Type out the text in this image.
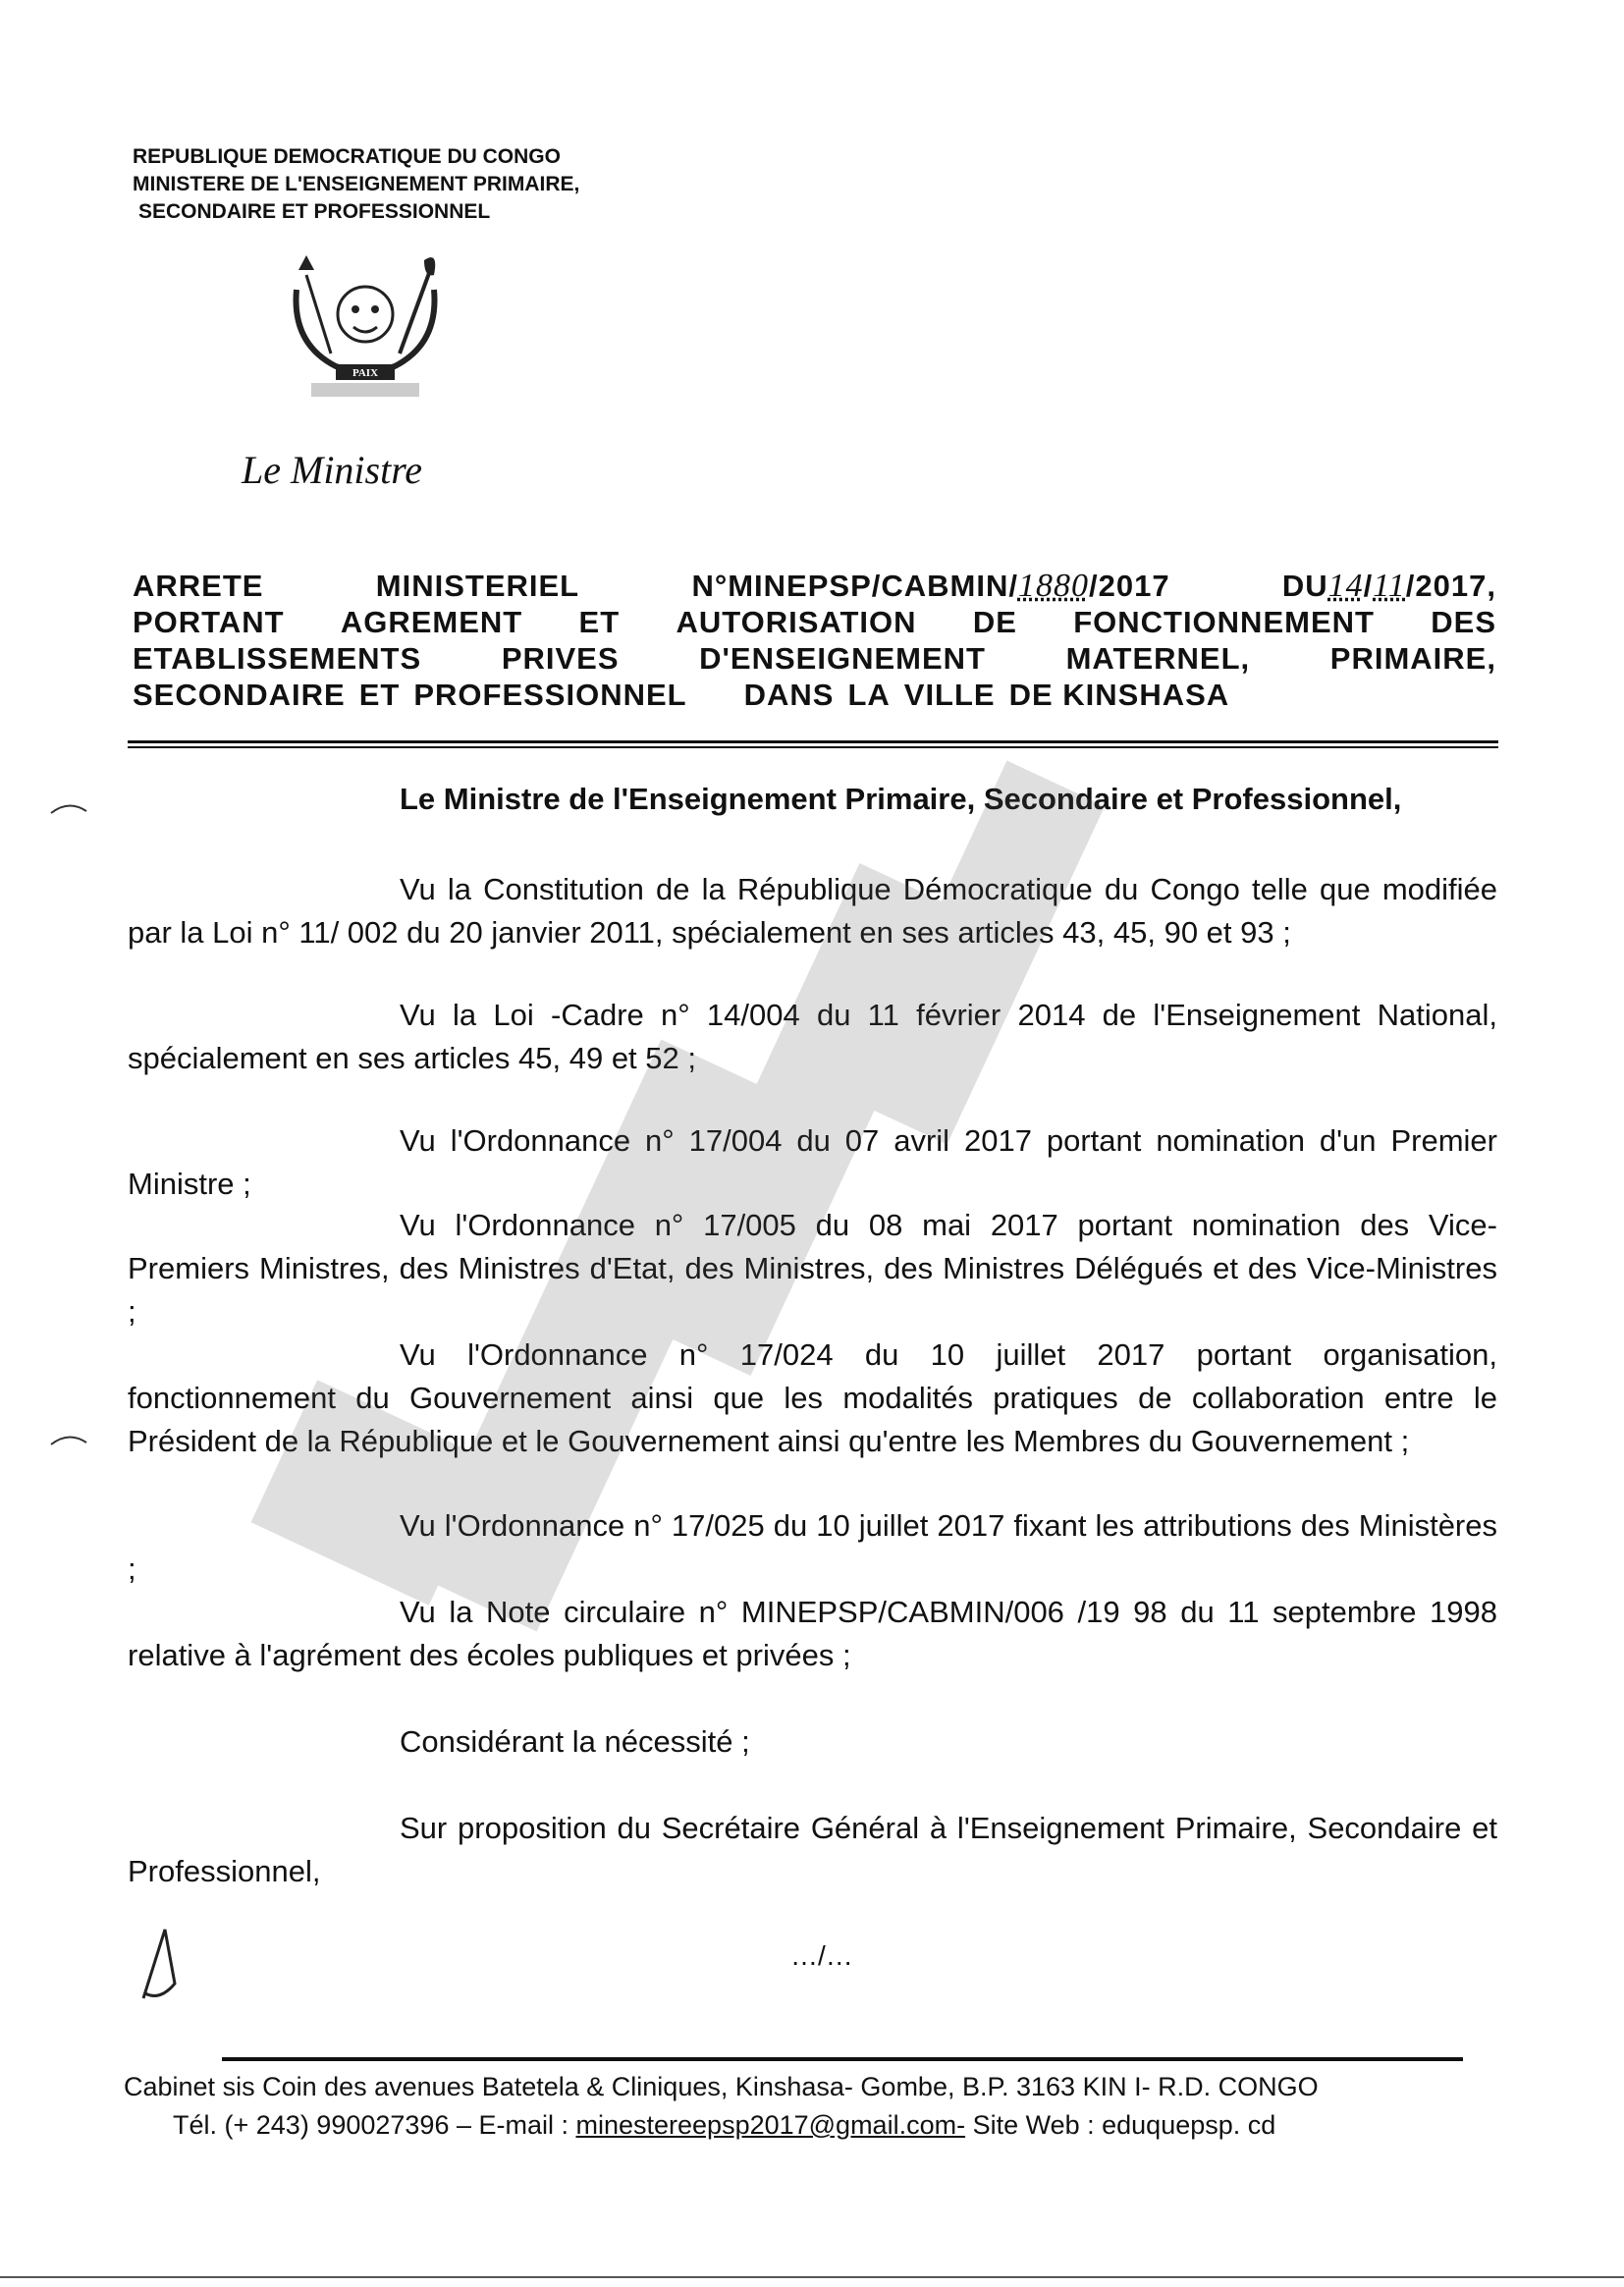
REPUBLIQUE DEMOCRATIQUE DU CONGO
MINISTERE DE L'ENSEIGNEMENT PRIMAIRE,
SECONDAIRE ET PROFESSIONNEL
PAIX
Le Ministre
ARRETE	MINISTERIEL	N°MINEPSP/CABMIN/1880/2017	DU14/11/2017,
PORTANT AGREMENT ET AUTORISATION DE FONCTIONNEMENT DES
ETABLISSEMENTS	PRIVES	D'ENSEIGNEMENT	MATERNEL,	PRIMAIRE,
SECONDAIRE ET PROFESSIONNEL DANS LA VILLE DE KINSHASA
Le Ministre de l'Enseignement Primaire, Secondaire et Professionnel,

Vu la Constitution de la République Démocratique du Congo telle que modifiée par la Loi n° 11/ 002 du 20 janvier 2011, spécialement en ses articles 43, 45, 90 et 93 ;

Vu la Loi -Cadre n° 14/004 du 11 février 2014 de l'Enseignement National, spécialement en ses articles 45, 49 et 52 ;

Vu l'Ordonnance n° 17/004 du 07 avril 2017 portant nomination d'un Premier Ministre ;

Vu l'Ordonnance n° 17/005 du 08 mai 2017 portant nomination des Vice-Premiers Ministres, des Ministres d'Etat, des Ministres, des Ministres Délégués et des Vice-Ministres ;

Vu l'Ordonnance n° 17/024 du 10 juillet 2017 portant organisation, fonctionnement du Gouvernement ainsi que les modalités pratiques de collaboration entre le Président de la République et le Gouvernement ainsi qu'entre les Membres du Gouvernement ;

Vu l'Ordonnance n° 17/025 du 10 juillet 2017 fixant les attributions des Ministères ;

Vu la Note circulaire n° MINEPSP/CABMIN/006 /19 98 du 11 septembre 1998 relative à l'agrément des écoles publiques et privées ;

Considérant la nécessité ;

Sur proposition du Secrétaire Général à l'Enseignement Primaire, Secondaire et Professionnel,

…/…
Cabinet sis Coin des avenues Batetela & Cliniques, Kinshasa- Gombe, B.P. 3163 KIN I- R.D. CONGO
Tél. (+ 243) 990027396 – E-mail : minestereepsp2017@gmail.com- Site Web : eduquepsp. cd
